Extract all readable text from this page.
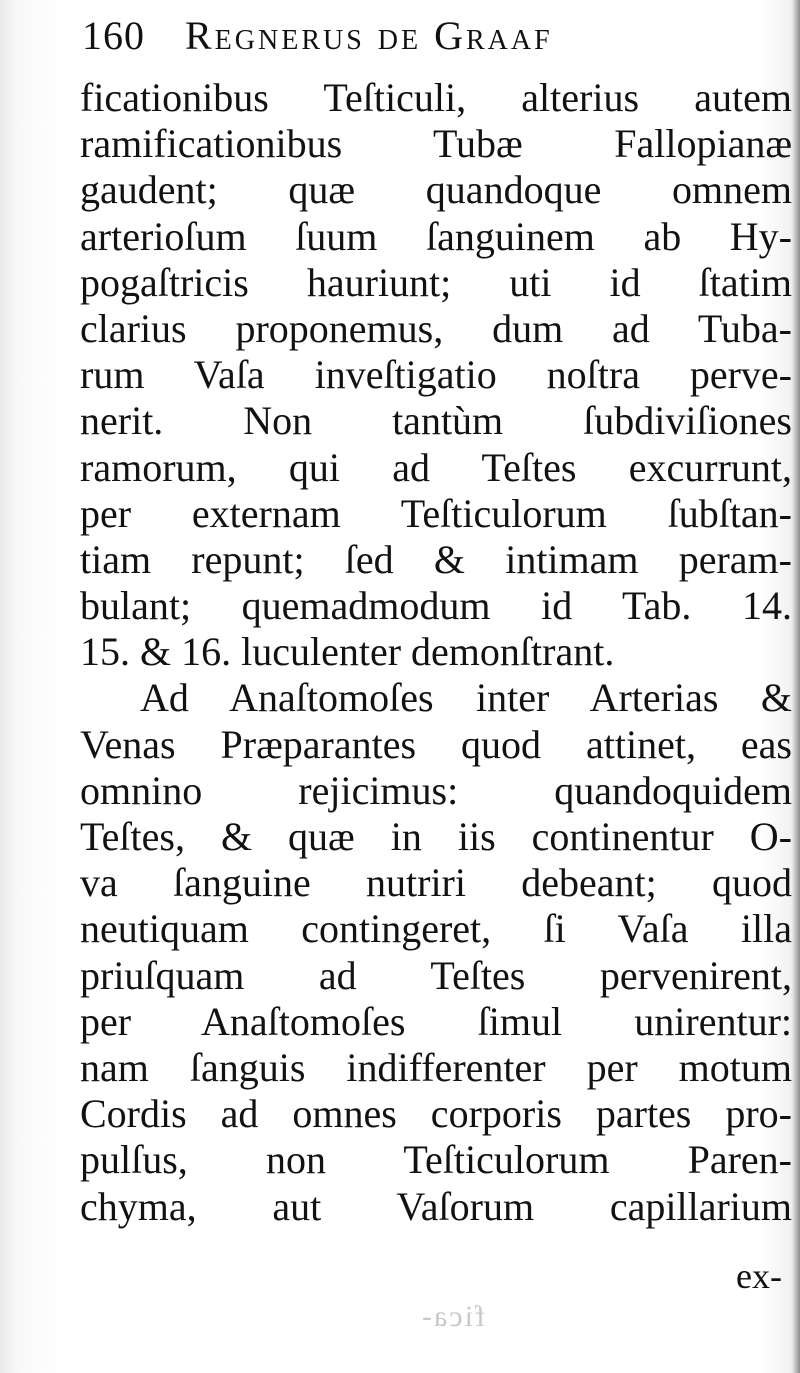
160 Regnerus de Graaf
ficationibus Teſticuli, alterius autem
ramificationibus Tubæ Fallopianæ
gaudent; quæ quandoque omnem
arterioſum ſuum ſanguinem ab Hy-
pogaſtricis hauriunt; uti id ſtatim
clarius proponemus, dum ad Tuba-
rum Vaſa inveſtigatio noſtra perve-
nerit. Non tantùm ſubdiviſiones
ramorum, qui ad Teſtes excurrunt,
per externam Teſticulorum ſubſtan-
tiam repunt; ſed & intimam peram-
bulant; quemadmodum id Tab. 14.
15. & 16. luculenter demonſtrant.
Ad Anaſtomoſes inter Arterias &
Venas Præparantes quod attinet, eas
omnino rejicimus: quandoquidem
Teſtes, & quæ in iis continentur O-
va ſanguine nutriri debeant; quod
neutiquam contingeret, ſi Vaſa illa
priuſquam ad Teſtes pervenirent,
per Anaſtomoſes ſimul unirentur:
nam ſanguis indifferenter per motum
Cordis ad omnes corporis partes pro-
pulſus, non Teſticulorum Paren-
chyma, aut Vaſorum capillarium
ex-
fica-
